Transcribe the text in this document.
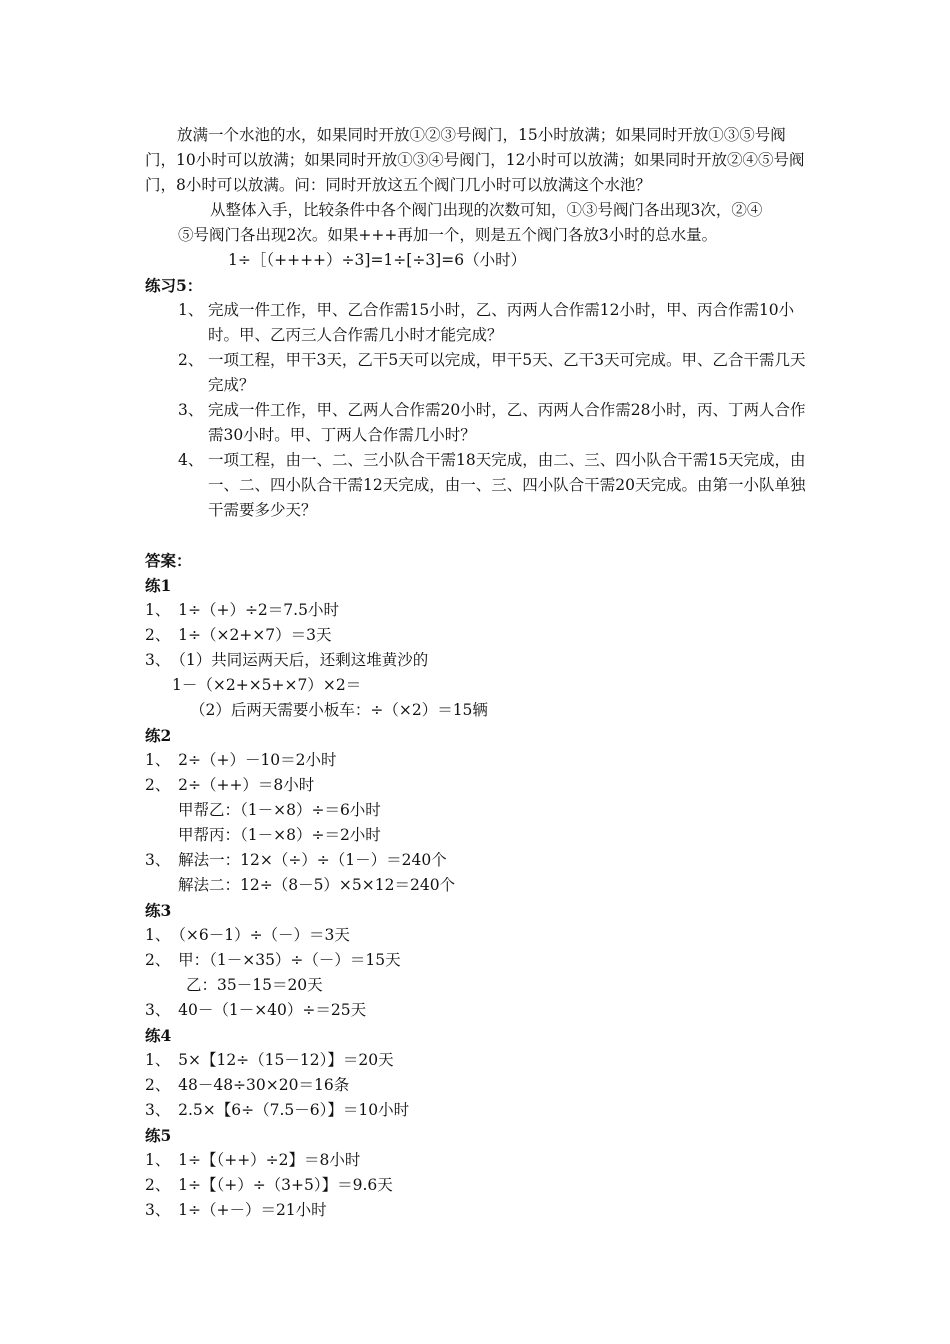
放满一个水池的水，如果同时开放①②③号阀门，15小时放满；如果同时开放①③⑤号阀门，10小时可以放满；如果同时开放①③④号阀门，12小时可以放满；如果同时开放②④⑤号阀门，8小时可以放满。问：同时开放这五个阀门几小时可以放满这个水池？
从整体入手，比较条件中各个阀门出现的次数可知，①③号阀门各出现3次，②④
⑤号阀门各出现2次。如果+++再加一个，则是五个阀门各放3小时的总水量。
1÷［（++++）÷3]=1÷[÷3]=6（小时）
练习5：
1、 完成一件工作，甲、乙合作需15小时，乙、丙两人合作需12小时，甲、丙合作需10小时。甲、乙丙三人合作需几小时才能完成？
2、 一项工程，甲干3天，乙干5天可以完成，甲干5天、乙干3天可完成。甲、乙合干需几天完成？
3、 完成一件工作，甲、乙两人合作需20小时，乙、丙两人合作需28小时，丙、丁两人合作需30小时。甲、丁两人合作需几小时？
4、 一项工程，由一、二、三小队合干需18天完成，由二、三、四小队合干需15天完成，由一、二、四小队合干需12天完成，由一、三、四小队合干需20天完成。由第一小队单独干需要多少天？
答案：
练1
1、　1÷（+）÷2＝7.5小时
2、　1÷（×2+×7）＝3天
3、　（1）共同运两天后，还剩这堆黄沙的
1－（×2+×5+×7）×2＝
（2）后两天需要小板车：÷（×2）＝15辆
练2
1、　2÷（+）－10＝2小时
2、　2÷（++）＝8小时
甲帮乙：（1－×8）÷＝6小时
甲帮丙：（1－×8）÷＝2小时
3、　解法一：12×（÷）÷（1－）＝240个
解法二：12÷（8－5）×5×12＝240个
练3
1、　（×6－1）÷（－）＝3天
2、　甲：（1－×35）÷（－）＝15天
乙：35－15＝20天
3、　40－（1－×40）÷＝25天
练4
1、　5×【12÷（15－12）】＝20天
2、　48－48÷30×20＝16条
3、　2.5×【6÷（7.5－6）】＝10小时
练5
1、　1÷【（++）÷2】＝8小时
2、　1÷【（+）÷（3+5）】＝9.6天
3、　1÷（+－）＝21小时
